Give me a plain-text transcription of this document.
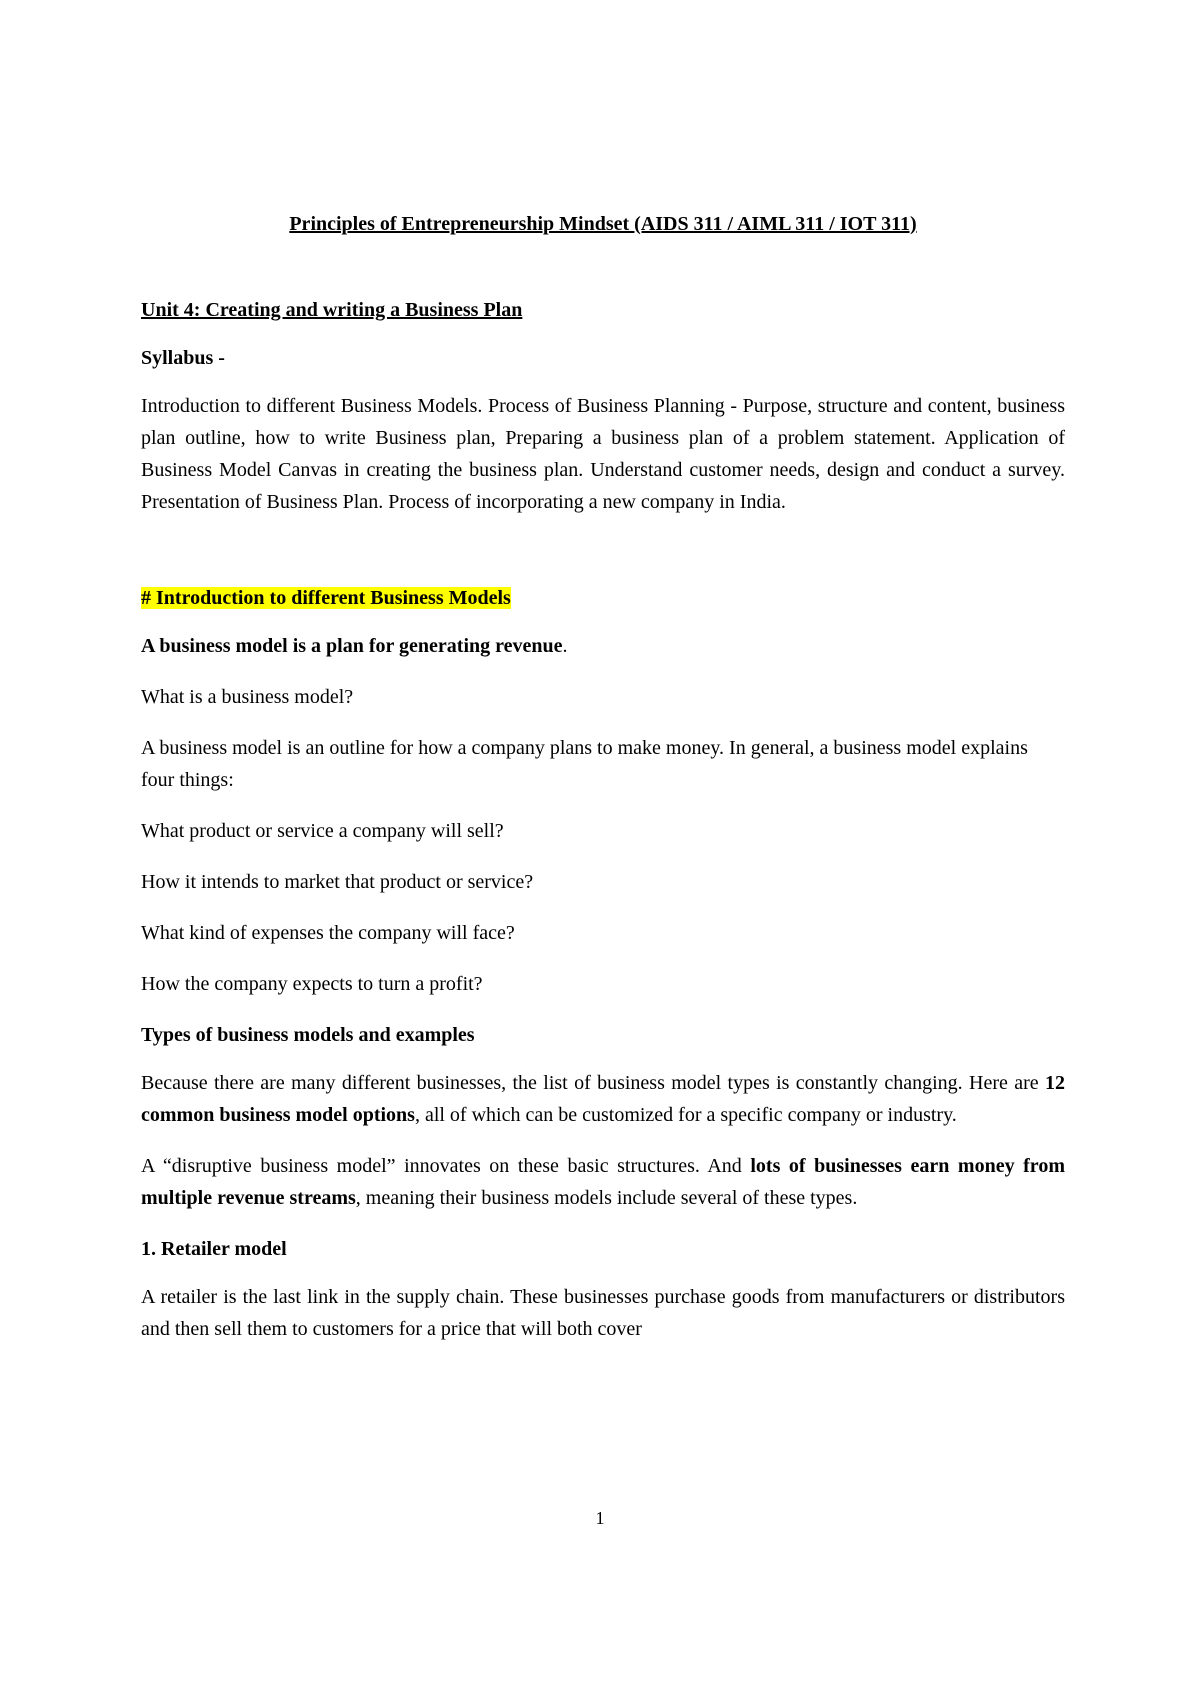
Principles of Entrepreneurship Mindset (AIDS 311 / AIML 311 / IOT 311)
Unit 4: Creating and writing a Business Plan
Syllabus -

Introduction to different Business Models. Process of Business Planning - Purpose, structure and content, business plan outline, how to write Business plan, Preparing a business plan of a problem statement. Application of Business Model Canvas in creating the business plan. Understand customer needs, design and conduct a survey. Presentation of Business Plan. Process of incorporating a new company in India.

# Introduction to different Business Models

A business model is a plan for generating revenue.

What is a business model?

A business model is an outline for how a company plans to make money. In general, a business model explains four things:

What product or service a company will sell?

How it intends to market that product or service?

What kind of expenses the company will face?

How the company expects to turn a profit?

Types of business models and examples

Because there are many different businesses, the list of business model types is constantly changing. Here are 12 common business model options, all of which can be customized for a specific company or industry.

A “disruptive business model” innovates on these basic structures. And lots of businesses earn money from multiple revenue streams, meaning their business models include several of these types.

1. Retailer model

A retailer is the last link in the supply chain. These businesses purchase goods from manufacturers or distributors and then sell them to customers for a price that will both cover

1
